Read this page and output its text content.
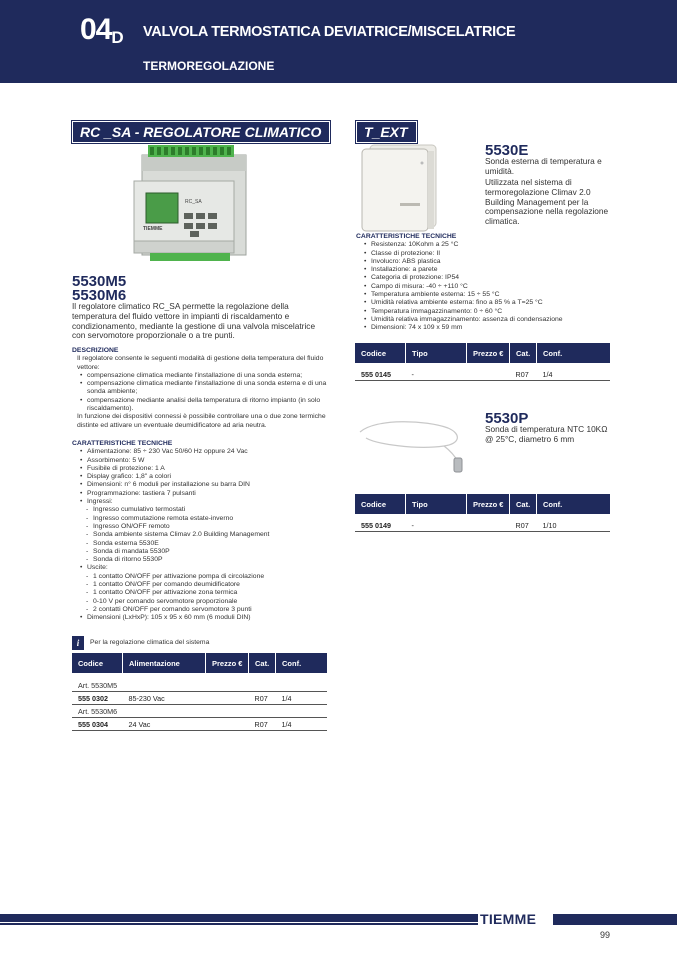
$04_D$ VALVOLA TERMOSTATICA DEVIATRICE/MISCELATRICE
TERMOREGOLAZIONE
RC _SA - REGOLATORE CLIMATICO
RC_SA
TIEMME
5530M5
5530M6
Il regolatore climatico RC_SA permette la regolazione della temperatura del fluido vettore in impianti di riscaldamento e condizionamento, mediante la gestione di una valvola miscelatrice con servomotore proporzionale o a tre punti.
DESCRIZIONE
Il regolatore consente le seguenti modalità di gestione della temperatura del fluido vettore:
• compensazione climatica mediante l'installazione di una sonda esterna;
• compensazione climatica mediante l'installazione di una sonda esterna e di una sonda ambiente;
• compensazione mediante analisi della temperatura di ritorno impianto (in solo riscaldamento).
In funzione dei dispositivi connessi è possibile controllare una o due zone termiche distinte ed attivare un eventuale deumidificatore ad aria neutra.
CARATTERISTICHE TECNICHE
• Alimentazione: 85 ÷ 230 Vac 50/60 Hz oppure 24 Vac
• Assorbimento: 5 W
• Fusibile di protezione: 1 A
• Display grafico: 1,8" a colori
• Dimensioni: n° 6 moduli per installazione su barra DIN
• Programmazione: tastiera 7 pulsanti
• Ingressi:
- Ingresso cumulativo termostati
- Ingresso commutazione remota estate-inverno
- Ingresso ON/OFF remoto
- Sonda ambiente sistema Climav 2.0 Building Management
- Sonda esterna 5530E
- Sonda di mandata 5530P
- Sonda di ritorno 5530P
• Uscite:
- 1 contatto ON/OFF per attivazione pompa di circolazione
- 1 contatto ON/OFF per comando deumidificatore
- 1 contatto ON/OFF per attivazione zona termica
- 0-10 V per comando servomotore proporzionale
- 2 contatti ON/OFF per comando servomotore 3 punti
• Dimensioni (LxHxP): 105 x 95 x 60 mm (6 moduli DIN)
i	Per la regolazione climatica del sistema
Codice	Alimentazione	Prezzo €	Cat.	Conf.

Art. 5530M5				
555 0302	85-230 Vac		R07	1/4
Art. 5530M6				
555 0304	24 Vac		R07	1/4
T_EXT
5530E
Sonda esterna di temperatura e umidità.
Utilizzata nel sistema di termoregolazione Climav 2.0 Building Management per la compensazione nella regolazione climatica.
CARATTERISTICHE TECNICHE
• Resistenza: 10Kohm a 25 °C
• Classe di protezione: II
• Involucro: ABS plastica
• Installazione: a parete
• Categoria di protezione: IP54
• Campo di misura: -40 ÷ +110 °C
• Temperatura ambiente esterna: 15 ÷ 55 °C
• Umidità relativa ambiente esterna: fino a 85 % a T=25 °C
• Temperatura immagazzinamento: 0 ÷ 60 °C
• Umidità relativa immagazzinamento: assenza di condensazione
• Dimensioni: 74 x 109 x 59 mm
Codice	Tipo	Prezzo €	Cat.	Conf.

555 0145	-		R07	1/4
5530P
Sonda di temperatura NTC 10KΩ @ 25°C, diametro 6 mm
Codice	Tipo	Prezzo €	Cat.	Conf.

555 0149	-		R07	1/10
TIEMME
99
